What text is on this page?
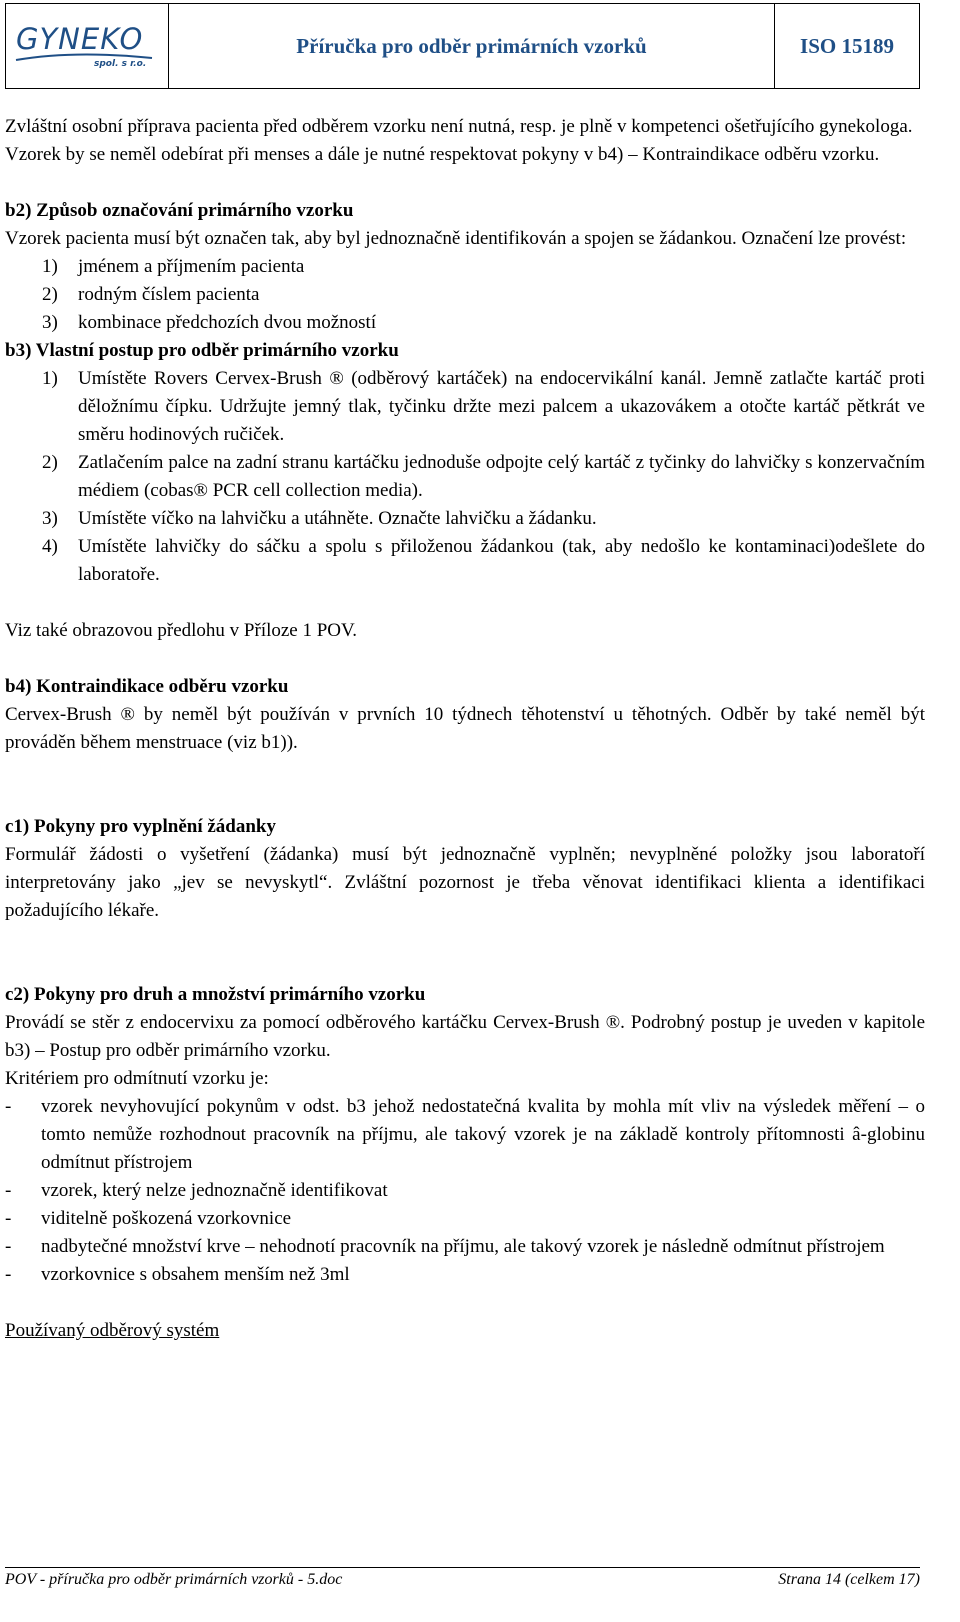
GYNEKO
spol. s r.o.
Příručka pro odběr primárních vzorků	ISO 15189

Zvláštní osobní příprava pacienta před odběrem vzorku není nutná, resp. je plně v kompetenci ošetřujícího gynekologa.

Vzorek by se neměl odebírat při menses a dále je nutné respektovat pokyny v b4) – Kontraindikace odběru vzorku.

b2) Způsob označování primárního vzorku

Vzorek pacienta musí být označen tak, aby byl jednoznačně identifikován a spojen se žádankou. Označení lze provést:

1)	jménem a příjmením pacienta
2)	rodným číslem pacienta
3)	kombinace předchozích dvou možností

b3) Vlastní postup pro odběr primárního vzorku

1)	Umístěte Rovers Cervex-Brush ® (odběrový kartáček) na endocervikální kanál. Jemně zatlačte kartáč proti děložnímu čípku. Udržujte jemný tlak, tyčinku držte mezi palcem a ukazovákem a otočte kartáč pětkrát ve směru hodinových ručiček.
2)	Zatlačením palce na zadní stranu kartáčku jednoduše odpojte celý kartáč z tyčinky do lahvičky s konzervačním médiem (cobas® PCR cell collection media).
3)	Umístěte víčko na lahvičku a utáhněte. Označte lahvičku a žádanku.
4)	Umístěte lahvičky do sáčku a spolu s přiloženou žádankou (tak, aby nedošlo ke kontaminaci)odešlete do laboratoře.

Viz také obrazovou předlohu v Příloze 1 POV.

b4) Kontraindikace odběru vzorku

Cervex-Brush ® by neměl být používán v prvních 10 týdnech těhotenství u těhotných. Odběr by také neměl být prováděn během menstruace (viz b1)).

c1) Pokyny pro vyplnění žádanky

Formulář žádosti o vyšetření (žádanka) musí být jednoznačně vyplněn; nevyplněné položky jsou laboratoří interpretovány jako „jev se nevyskytl“. Zvláštní pozornost je třeba věnovat identifikaci klienta a identifikaci požadujícího lékaře.

c2) Pokyny pro druh a množství primárního vzorku

Provádí se stěr z endocervixu za pomocí odběrového kartáčku Cervex-Brush ®. Podrobný postup je uveden v kapitole b3) – Postup pro odběr primárního vzorku.

Kritériem pro odmítnutí vzorku je:

-	vzorek nevyhovující pokynům v odst. b3 jehož nedostatečná kvalita by mohla mít vliv na výsledek měření – o tomto nemůže rozhodnout pracovník na příjmu, ale takový vzorek je na základě kontroly přítomnosti â-globinu odmítnut přístrojem
-	vzorek, který nelze jednoznačně identifikovat
-	viditelně poškozená vzorkovnice
-	nadbytečné množství krve – nehodnotí pracovník na příjmu, ale takový vzorek je následně odmítnut přístrojem
-	vzorkovnice s obsahem menším než 3ml

Používaný odběrový systém

POV - příručka pro odběr primárních vzorků - 5.doc	Strana 14 (celkem 17)
